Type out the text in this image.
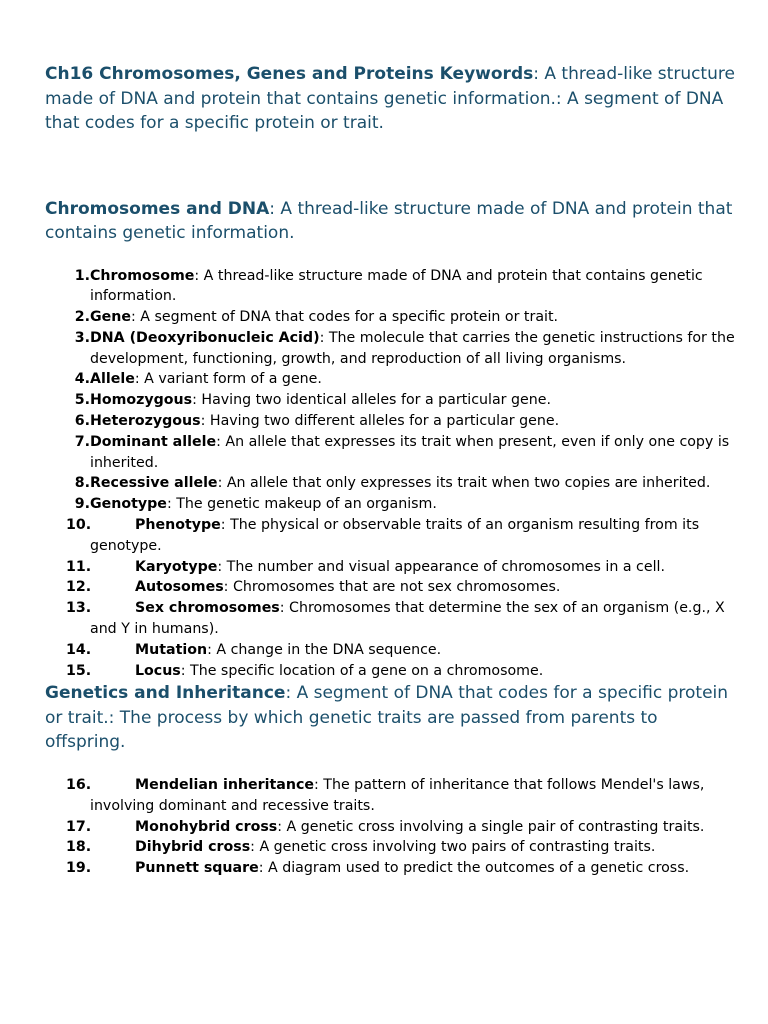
Ch16 Chromosomes, Genes and Proteins Keywords: A thread-like structure made of DNA and protein that contains genetic information.: A segment of DNA that codes for a specific protein or trait.

Chromosomes and DNA: A thread-like structure made of DNA and protein that contains genetic information.

1. Chromosome: A thread-like structure made of DNA and protein that contains genetic information.
2. Gene: A segment of DNA that codes for a specific protein or trait.
3. DNA (Deoxyribonucleic Acid): The molecule that carries the genetic instructions for the development, functioning, growth, and reproduction of all living organisms.
4. Allele: A variant form of a gene.
5. Homozygous: Having two identical alleles for a particular gene.
6. Heterozygous: Having two different alleles for a particular gene.
7. Dominant allele: An allele that expresses its trait when present, even if only one copy is inherited.
8. Recessive allele: An allele that only expresses its trait when two copies are inherited.
9. Genotype: The genetic makeup of an organism.
10.	Phenotype: The physical or observable traits of an organism resulting from its genotype.
11.	Karyotype: The number and visual appearance of chromosomes in a cell.
12.	Autosomes: Chromosomes that are not sex chromosomes.
13.	Sex chromosomes: Chromosomes that determine the sex of an organism (e.g., X and Y in humans).
14.	Mutation: A change in the DNA sequence.
15.	Locus: The specific location of a gene on a chromosome.

Genetics and Inheritance: A segment of DNA that codes for a specific protein or trait.: The process by which genetic traits are passed from parents to offspring.

16.	Mendelian inheritance: The pattern of inheritance that follows Mendel's laws, involving dominant and recessive traits.
17.	Monohybrid cross: A genetic cross involving a single pair of contrasting traits.
18.	Dihybrid cross: A genetic cross involving two pairs of contrasting traits.
19.	Punnett square: A diagram used to predict the outcomes of a genetic cross.
